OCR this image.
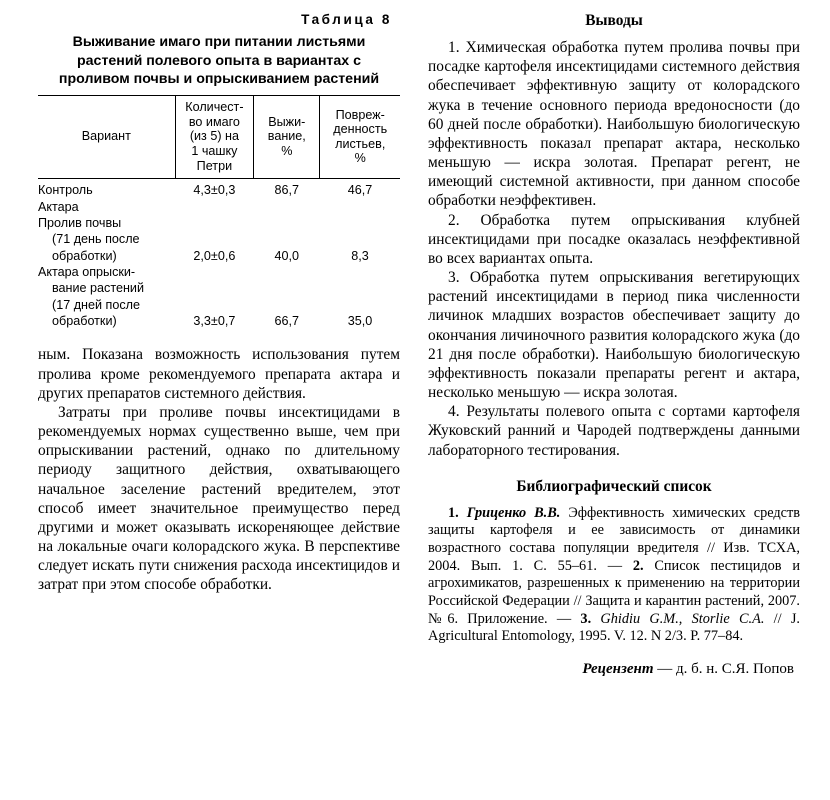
Таблица 8
Выживание имаго при питании листьями растений полевого опыта в вариантах с проливом почвы и опрыскиванием растений
Вариант	Количест-
во имаго
(из 5) на
1 чашку
Петри	Выжи-
вание,
%	Повреж-
денность
листьев,
%

Контроль	4,3±0,3	86,7	46,7
Актара
Пролив почвы

(71 день после
обработки)	2,0±0,6	40,0	8,3
Актара опрыски-

вание растений
(17 дней после
обработки)	3,3±0,7	66,7	35,0

ным. Показана возможность использования путем пролива кроме рекомендуемого препарата актара и других препаратов системного действия.

Затраты при проливе почвы инсектицидами в рекомендуемых нормах существенно выше, чем при опрыскивании растений, однако по длительному периоду защитного действия, охватывающего начальное заселение растений вредителем, этот способ имеет значительное преимущество перед другими и может оказывать искореняющее действие на локальные очаги колорадского жука. В перспективе следует искать пути снижения расхода инсектицидов и затрат при этом способе обработки.

Выводы

1. Химическая обработка путем пролива почвы при посадке картофеля инсектицидами системного действия обеспечивает эффективную защиту от колорадского жука в течение основного периода вредоносности (до 60 дней после обработки). Наибольшую биологическую эффективность показал препарат актара, несколько меньшую — искра золотая. Препарат регент, не имеющий системной активности, при данном способе обработки неэффективен.

2. Обработка путем опрыскивания клубней инсектицидами при посадке оказалась неэффективной во всех вариантах опыта.

3. Обработка путем опрыскивания вегетирующих растений инсектицидами в период пика численности личинок младших возрастов обеспечивает защиту до окончания личиночного развития колорадского жука (до 21 дня после обработки). Наибольшую биологическую эффективность показали препараты регент и актара, несколько меньшую — искра золотая.

4. Результаты полевого опыта с сортами картофеля Жуковский ранний и Чародей подтверждены данными лабораторного тестирования.

Библиографический список

1. Гриценко В.В. Эффективность химических средств защиты картофеля и ее зависимость от динамики возрастного состава популяции вредителя // Изв. ТСХА, 2004. Вып. 1. С. 55–61. — 2. Список пестицидов и агрохимикатов, разрешенных к применению на территории Российской Федерации // Защита и карантин растений, 2007. №6. Приложение. — 3. Ghidiu G.M., Storlie C.A. // J. Agricultural Entomology, 1995. V. 12. N 2/3. P. 77–84.

Рецензент — д. б. н. С.Я. Попов
